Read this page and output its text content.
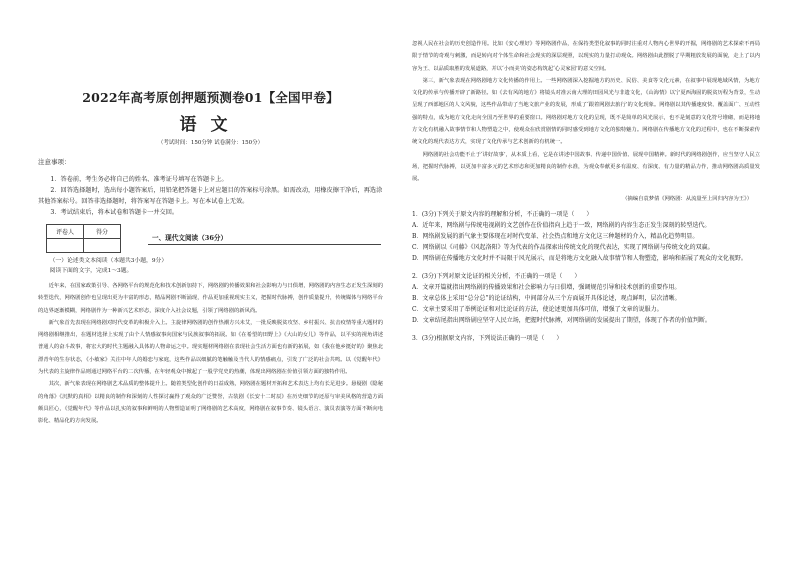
2022年高考原创押题预测卷01【全国甲卷】
语文
（考试时间：150分钟 试卷满分：150分）
注意事项：
1．答卷前，考生务必将自己的姓名、准考证号填写在答题卡上。
2．回答选择题时，选出每小题答案后，用铅笔把答题卡上对应题目的答案标号涂黑。如需改动，用橡皮擦干净后，再选涂其他答案标号。回答非选择题时，将答案写在答题卡上。写在本试卷上无效。
3．考试结束后，将本试卷和答题卡一并交回。
评卷人	得分

一、现代文阅读（36分）
（一）论述类文本阅读（本题共3小题，9分）
阅读下面的文字，完成1～3题。
近年来，在国家政策引导、各网络平台的规范化和技术创新加持下，网络剧的传播效果和社会影响力与日俱增，网络剧的内容生态正发生深刻的转型迭代，网络剧创作也呈现出更为丰富的形态，精品网剧不断涌现，作品更加重视现实主义，把握时代脉搏，创作质量提升，传统媒体与网络平台的边界逐渐模糊，网络剧作为一种新兴艺术形态，深度介入社会议题，引领了网络剧的新风尚。
新气象首先表现在网络剧对时代变革的积极介入上。主旋律网络剧的创作热潮方兴未艾，一批反映脱贫攻坚、乡村振兴、抗击疫情等重大题材的网络剧相继推出，在题材选择上实现了由个人情感叙事向国家与民族叙事的拓展。如《在希望的田野上》《大山的女儿》等作品，以平实的视角讲述普通人的奋斗故事，将宏大的时代主题融入具体的人物命运之中。现实题材网络剧在表现社会生活方面也有新的拓展，如《我在他乡挺好的》聚焦北漂青年的生存状态，《小敏家》关注中年人的婚恋与家庭，这些作品以细腻的笔触触及当代人的情感痛点，引发了广泛的社会共鸣。以《觉醒年代》为代表的主旋律作品则通过网络平台的二次传播，在年轻观众中掀起了一股学党史的热潮，体现出网络剧在价值引领方面的独特作用。
其次，新气象表现在网络剧艺术品质的整体提升上。随着类型化创作的日益成熟，网络剧在题材开拓和艺术表达上均有长足进步。悬疑剧《隐秘的角落》《沉默的真相》以精良的制作和深刻的人性探讨赢得了观众的广泛赞誉，古装剧《长安十二时辰》在历史细节的还原与审美风格的营造方面颇具匠心，《觉醒年代》等作品以扎实的叙事和鲜明的人物塑造证明了网络剧的艺术高度，网络剧在叙事节奏、镜头语言、演员表演等方面不断向电影化、精品化的方向发展。
忽视人民在社会的历史创造作用。比如《安心理好》等网络剧作品，在保持类型化叙事的同时注重对人物内心世界的开掘，网络剧的艺术探索不再局限于情节的奇观与刺激，而是转向对个体生命和社会现实的深层观照，以现实的力量打动观众。网络剧由此摆脱了早期粗放发展的面貌，走上了以内容为王、以品质取胜的发展道路，并以‘小而美’的姿态构筑起‘心灵家园’的意义空间。
第三，新气象表现在网络剧地方文化传播的作用上。一些网络剧深入挖掘地方的历史、民俗、美食等文化元素，在叙事中展现地域风情，为地方文化的传承与传播开辟了新路径。如《去有风的地方》将镜头对准云南大理的田园风光与非遗文化，《山海情》以宁夏西海固的脱贫历程为背景，生动呈现了西部地区的人文风貌，这些作品带动了当地文旅产业的发展，形成了‘跟着网剧去旅行’的文化现象。网络剧以其传播速度快、覆盖面广、互动性强的特点，成为地方文化走向全国乃至世界的重要窗口。网络剧对地方文化的呈现，既不是简单的风光展示，也不是刻意的文化符号堆砌，而是将地方文化有机融入故事情节和人物塑造之中，使观众在欣赏剧情的同时感受到地方文化的独特魅力。网络剧在传播地方文化的过程中，也在不断探索传统文化的现代表达方式，实现了文化传承与艺术创新的有机统一。
网络剧的社会功能不止于‘讲好故事’，从本质上看，它是在讲述中国故事、传递中国价值、展现中国精神。新时代的网络剧创作，应当坚守人民立场，把握时代脉搏，以更加丰富多元的艺术形态和更加精良的制作水准，为观众奉献更多有温度、有深度、有力量的精品力作，推动网络剧高质量发展。
（摘编自袁梦倩《网络剧：从流量至上回归内容为王》）
1．(3分)下列关于原文内容的理解和分析，不正确的一项是（　　）
A．近年来，网络剧与传统电视剧的文艺创作在价值指向上趋于一致，网络剧的内容生态正发生深刻的转型迭代。
B．网络剧发展的新气象主要体现在对时代变革、社会热点和地方文化这三种题材的介入，精品化趋势明显。
C．网络剧以《司藤》《风起洛阳》等为代表的作品探索出传统文化的现代表达，实现了网络剧与传统文化的双赢。
D．网络剧在传播地方文化时并不局限于风光展示，而是将地方文化融入故事情节和人物塑造，影响和拓展了观众的文化视野。
2．(3分)下列对原文论证的相关分析，不正确的一项是（　　）
A．文章开篇就指出网络剧的传播效果和社会影响力与日俱增，强调规范引导和技术创新的重要作用。
B．文章总体上采用“总分总”的论证结构，中间部分从三个方面展开具体论述，观点鲜明，层次清晰。
C．文章主要采用了举例论证和对比论证的方法，使论述更加具体可信，增强了文章的说服力。
D．文章结尾指出网络剧应坚守人民立场，把握时代脉搏，对网络剧的发展提出了期望，体现了作者的价值判断。
3．(3分)根据原文内容，下列说法正确的一项是（　　）
